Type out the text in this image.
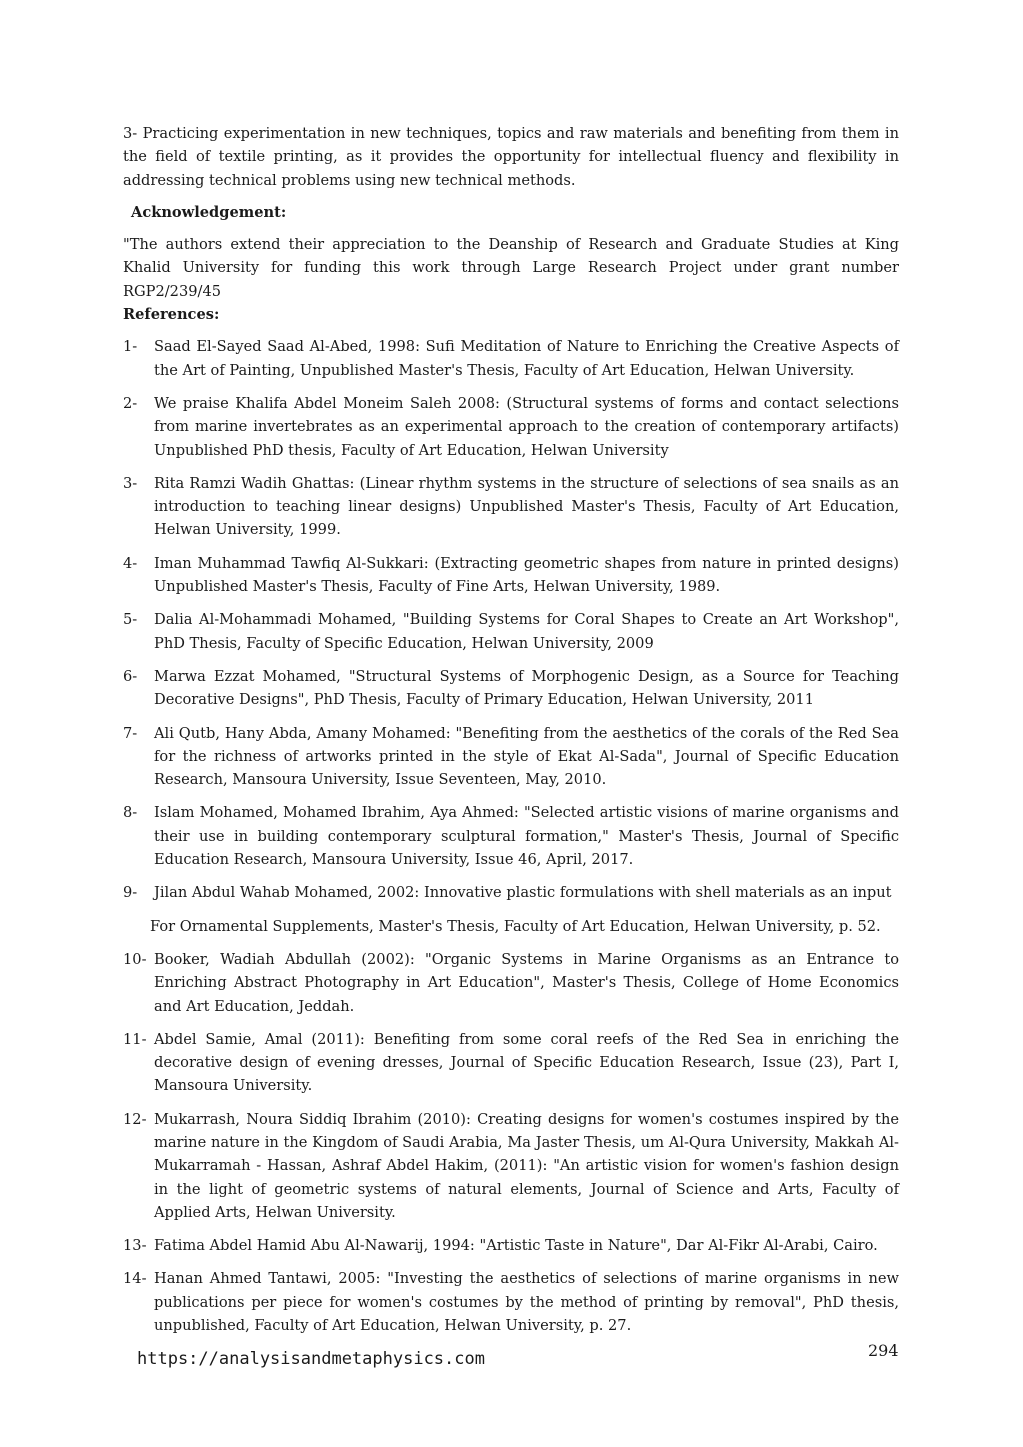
3- Practicing experimentation in new techniques, topics and raw materials and benefiting from them in the field of textile printing, as it provides the opportunity for intellectual fluency and flexibility in addressing technical problems using new technical methods.

Acknowledgement:

"The authors extend their appreciation to the Deanship of Research and Graduate Studies at King Khalid University for funding this work through Large Research Project under grant number RGP2/239/45

References:
1- Saad El-Sayed Saad Al-Abed, 1998: Sufi Meditation of Nature to Enriching the Creative Aspects of the Art of Painting, Unpublished Master's Thesis, Faculty of Art Education, Helwan University.
2- We praise Khalifa Abdel Moneim Saleh 2008: (Structural systems of forms and contact selections from marine invertebrates as an experimental approach to the creation of contemporary artifacts) Unpublished PhD thesis, Faculty of Art Education, Helwan University
3- Rita Ramzi Wadih Ghattas: (Linear rhythm systems in the structure of selections of sea snails as an introduction to teaching linear designs) Unpublished Master's Thesis, Faculty of Art Education, Helwan University, 1999.
4- Iman Muhammad Tawfiq Al-Sukkari: (Extracting geometric shapes from nature in printed designs) Unpublished Master's Thesis, Faculty of Fine Arts, Helwan University, 1989.
5- Dalia Al-Mohammadi Mohamed, "Building Systems for Coral Shapes to Create an Art Workshop", PhD Thesis, Faculty of Specific Education, Helwan University, 2009
6- Marwa Ezzat Mohamed, "Structural Systems of Morphogenic Design, as a Source for Teaching Decorative Designs", PhD Thesis, Faculty of Primary Education, Helwan University, 2011
7- Ali Qutb, Hany Abda, Amany Mohamed: "Benefiting from the aesthetics of the corals of the Red Sea for the richness of artworks printed in the style of Ekat Al-Sada", Journal of Specific Education Research, Mansoura University, Issue Seventeen, May, 2010.
8- Islam Mohamed, Mohamed Ibrahim, Aya Ahmed: "Selected artistic visions of marine organisms and their use in building contemporary sculptural formation," Master's Thesis, Journal of Specific Education Research, Mansoura University, Issue 46, April, 2017.
9- Jilan Abdul Wahab Mohamed, 2002: Innovative plastic formulations with shell materials as an input
For Ornamental Supplements, Master's Thesis, Faculty of Art Education, Helwan University, p. 52.
10- Booker, Wadiah Abdullah (2002): "Organic Systems in Marine Organisms as an Entrance to Enriching Abstract Photography in Art Education", Master's Thesis, College of Home Economics and Art Education, Jeddah.
11- Abdel Samie, Amal (2011): Benefiting from some coral reefs of the Red Sea in enriching the decorative design of evening dresses, Journal of Specific Education Research, Issue (23), Part I, Mansoura University.
12- Mukarrash, Noura Siddiq Ibrahim (2010): Creating designs for women's costumes inspired by the marine nature in the Kingdom of Saudi Arabia, Ma Jaster Thesis, um Al-Qura University, Makkah Al-Mukarramah - Hassan, Ashraf Abdel Hakim, (2011): "An artistic vision for women's fashion design in the light of geometric systems of natural elements, Journal of Science and Arts, Faculty of Applied Arts, Helwan University.
13- Fatima Abdel Hamid Abu Al-Nawarij, 1994: "Artistic Taste in Nature", Dar Al-Fikr Al-Arabi, Cairo.
14- Hanan Ahmed Tantawi, 2005: "Investing the aesthetics of selections of marine organisms in new publications per piece for women's costumes by the method of printing by removal", PhD thesis, unpublished, Faculty of Art Education, Helwan University, p. 27.
https://analysisandmetaphysics.com	294
